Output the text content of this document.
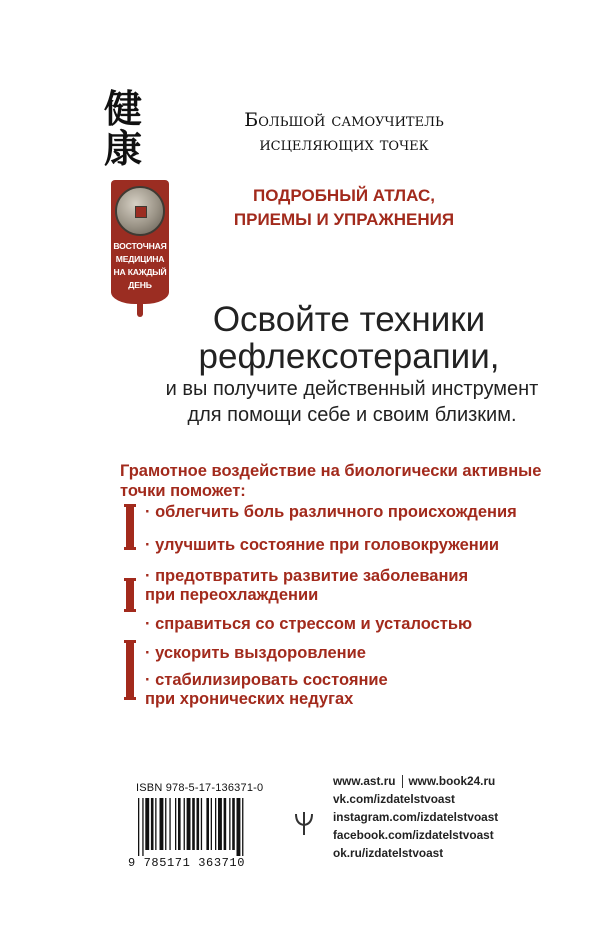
健
康
ВОСТОЧНАЯ
МЕДИЦИНА
НА КАЖДЫЙ
ДЕНЬ
Большой самоучитель
исцеляющих точек
ПОДРОБНЫЙ АТЛАС,
ПРИЕМЫ И УПРАЖНЕНИЯ
Освойте техники
рефлексотерапии,
и вы получите действенный инструмент
для помощи себе и своим близким.
Грамотное воздействие на биологически активные
точки поможет:
· облегчить боль различного происхождения
· улучшить состояние при головокружении
· предотвратить развитие заболевания
при переохлаждении
· справиться со стрессом и усталостью
· ускорить выздоровление
· стабилизировать состояние
при хронических недугах
ISBN 978-5-17-136371-0
9 785171 363710
www.ast.ru www.book24.ru
vk.com/izdatelstvoast
instagram.com/izdatelstvoast
facebook.com/izdatelstvoast
ok.ru/izdatelstvoast
